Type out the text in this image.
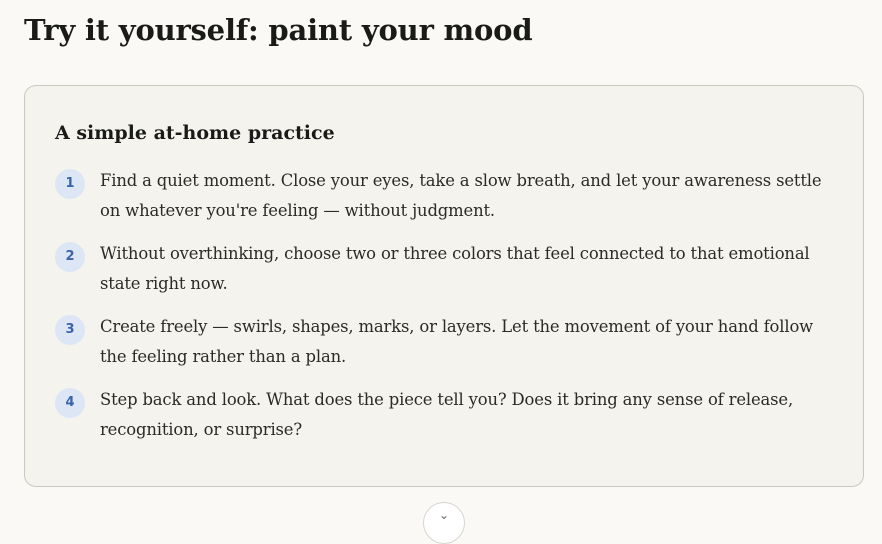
Try it yourself: paint your mood
A simple at-home practice
1	Find a quiet moment. Close your eyes, take a slow breath, and let your awareness settle on whatever you're feeling — without judgment.

2	Without overthinking, choose two or three colors that feel connected to that emotional state right now.

3	Create freely — swirls, shapes, marks, or layers. Let the movement of your hand follow the feeling rather than a plan.

4	Step back and look. What does the piece tell you? Does it bring any sense of release, recognition, or surprise?

⌄
